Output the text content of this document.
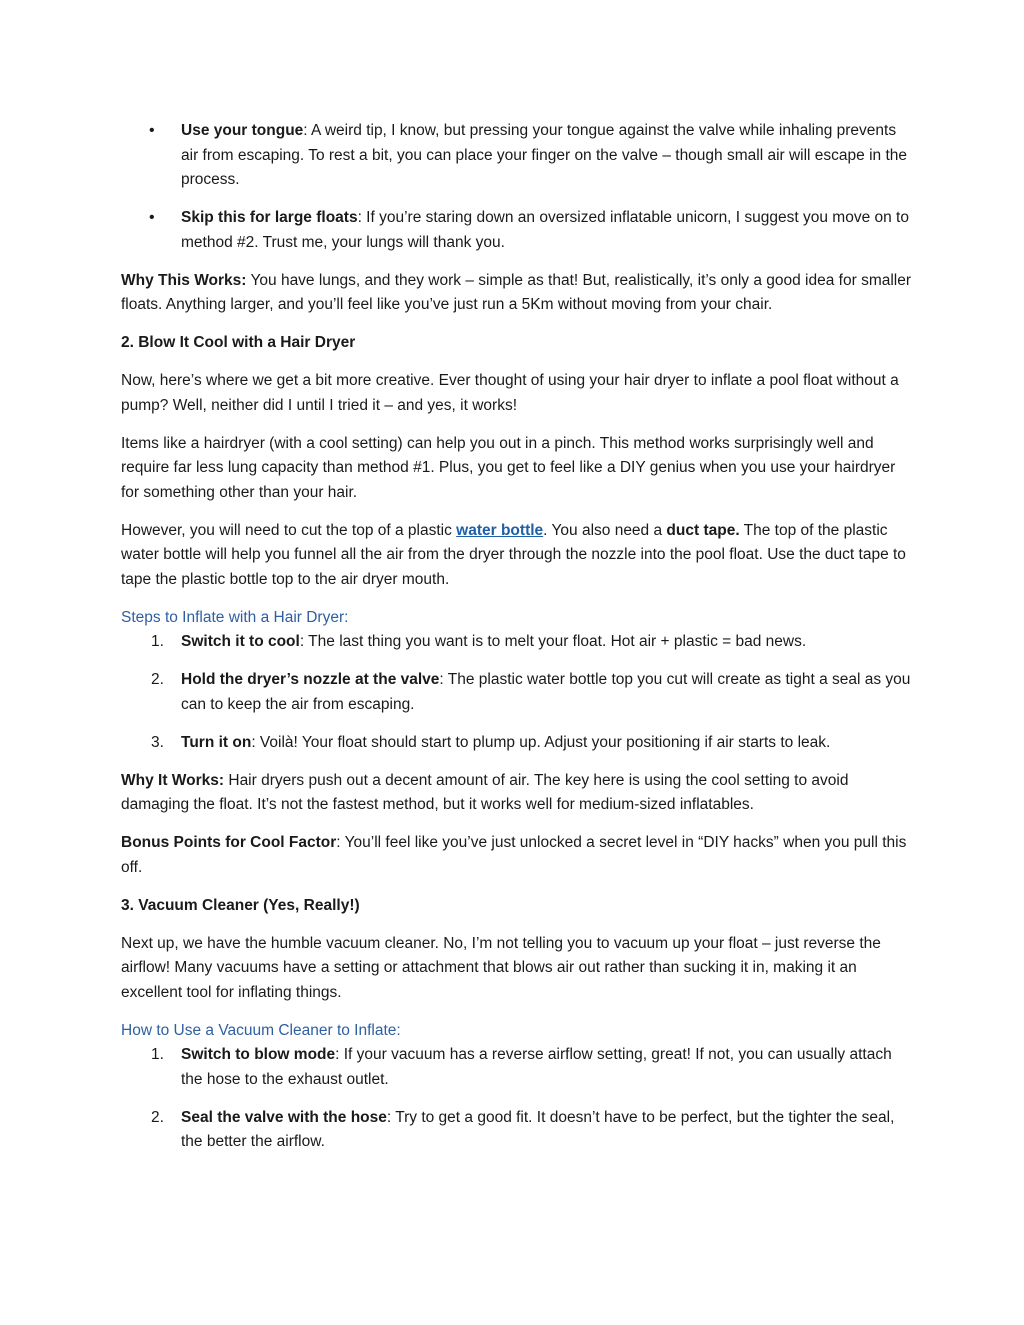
• Use your tongue: A weird tip, I know, but pressing your tongue against the valve while inhaling prevents air from escaping. To rest a bit, you can place your finger on the valve – though small air will escape in the process.
• Skip this for large floats: If you’re staring down an oversized inflatable unicorn, I suggest you move on to method #2. Trust me, your lungs will thank you.

Why This Works: You have lungs, and they work – simple as that! But, realistically, it’s only a good idea for smaller floats. Anything larger, and you’ll feel like you’ve just run a 5Km without moving from your chair.

2. Blow It Cool with a Hair Dryer

Now, here’s where we get a bit more creative. Ever thought of using your hair dryer to inflate a pool float without a pump? Well, neither did I until I tried it – and yes, it works!

Items like a hairdryer (with a cool setting) can help you out in a pinch. This method works surprisingly well and require far less lung capacity than method #1. Plus, you get to feel like a DIY genius when you use your hairdryer for something other than your hair.

However, you will need to cut the top of a plastic water bottle. You also need a duct tape. The top of the plastic water bottle will help you funnel all the air from the dryer through the nozzle into the pool float. Use the duct tape to tape the plastic bottle top to the air dryer mouth.

Steps to Inflate with a Hair Dryer:
1. Switch it to cool: The last thing you want is to melt your float. Hot air + plastic = bad news.
2. Hold the dryer’s nozzle at the valve: The plastic water bottle top you cut will create as tight a seal as you can to keep the air from escaping.
3. Turn it on: Voilà! Your float should start to plump up. Adjust your positioning if air starts to leak.

Why It Works: Hair dryers push out a decent amount of air. The key here is using the cool setting to avoid damaging the float. It’s not the fastest method, but it works well for medium-sized inflatables.

Bonus Points for Cool Factor: You’ll feel like you’ve just unlocked a secret level in “DIY hacks” when you pull this off.

3. Vacuum Cleaner (Yes, Really!)

Next up, we have the humble vacuum cleaner. No, I’m not telling you to vacuum up your float – just reverse the airflow! Many vacuums have a setting or attachment that blows air out rather than sucking it in, making it an excellent tool for inflating things.

How to Use a Vacuum Cleaner to Inflate:
1. Switch to blow mode: If your vacuum has a reverse airflow setting, great! If not, you can usually attach the hose to the exhaust outlet.
2. Seal the valve with the hose: Try to get a good fit. It doesn’t have to be perfect, but the tighter the seal, the better the airflow.
